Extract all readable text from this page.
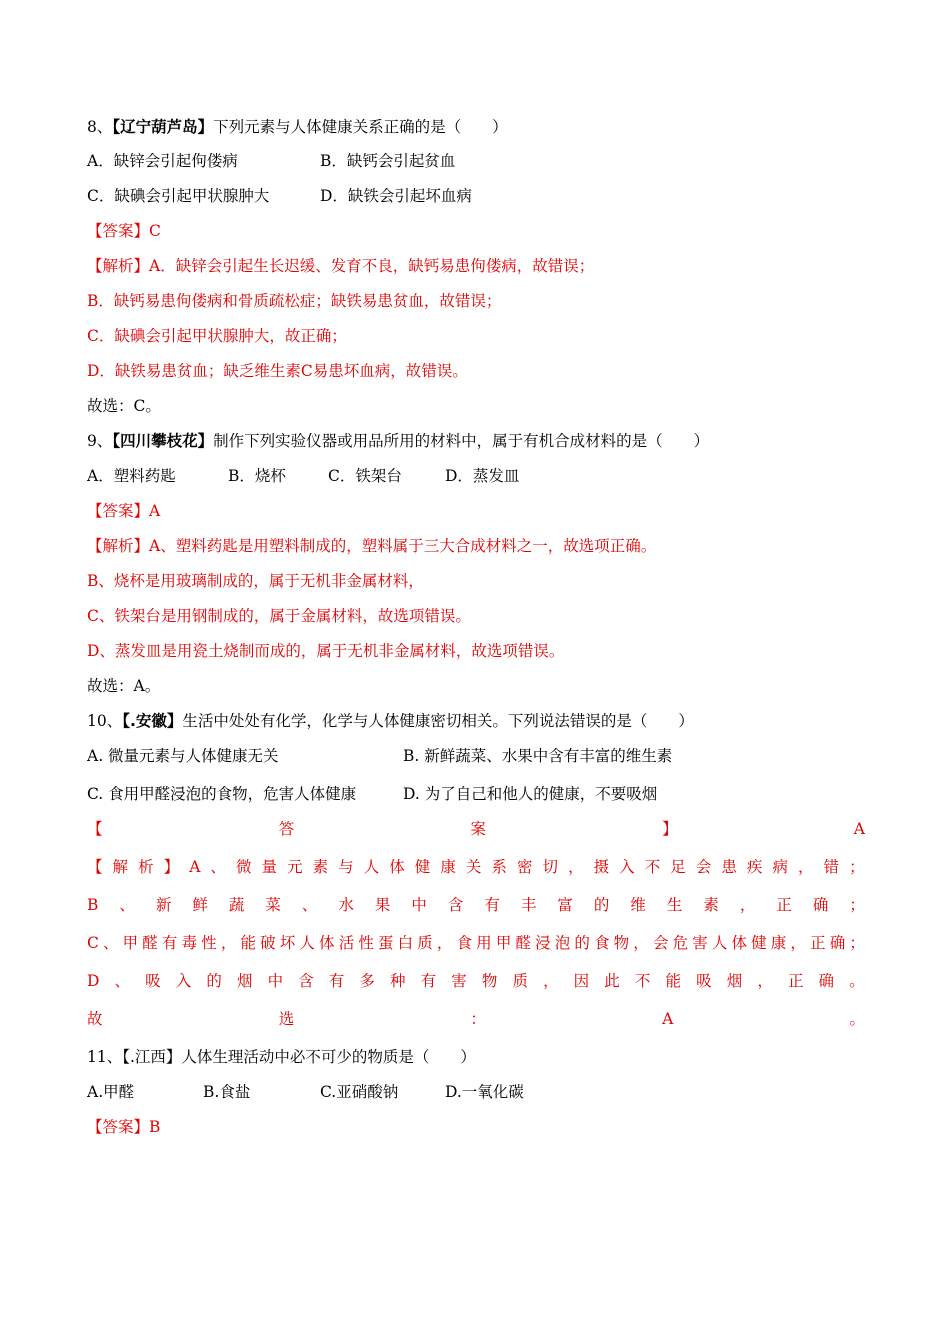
8、【辽宁葫芦岛】下列元素与人体健康关系正确的是（　　）
A．缺锌会引起佝偻病	B．缺钙会引起贫血
C．缺碘会引起甲状腺肿大	D．缺铁会引起坏血病
【答案】C
【解析】A．缺锌会引起生长迟缓、发育不良，缺钙易患佝偻病，故错误；
B．缺钙易患佝偻病和骨质疏松症；缺铁易患贫血，故错误；
C．缺碘会引起甲状腺肿大，故正确；
D．缺铁易患贫血；缺乏维生素C易患坏血病，故错误。
故选：C。
9、【四川攀枝花】制作下列实验仪器或用品所用的材料中，属于有机合成材料的是（　　）
A．塑料药匙	B．烧杯	C．铁架台	D．蒸发皿
【答案】A
【解析】A、塑料药匙是用塑料制成的，塑料属于三大合成材料之一，故选项正确。
B、烧杯是用玻璃制成的，属于无机非金属材料，
C、铁架台是用钢制成的，属于金属材料，故选项错误。
D、蒸发皿是用瓷土烧制而成的，属于无机非金属材料，故选项错误。
故选：A。
10、【.安徽】生活中处处有化学，化学与人体健康密切相关。下列说法错误的是（　　）
A. 微量元素与人体健康无关	B. 新鲜蔬菜、水果中含有丰富的维生素
C. 食用甲醛浸泡的食物，危害人体健康	D. 为了自己和他人的健康，不要吸烟
【	答	案	】	A
【 解 析 】 A 、 微 量 元 素 与 人 体 健 康 关 系 密 切 ， 摄 入 不 足 会 患 疾 病 ， 错 ；
B 、 新 鲜 蔬 菜 、 水 果 中 含 有 丰 富 的 维 生 素 ， 正 确 ；
C 、 甲 醛 有 毒 性 ， 能 破 坏 人 体 活 性 蛋 白 质 ， 食 用 甲 醛 浸 泡 的 食 物 ， 会 危 害 人 体 健 康 ， 正 确 ；
D 、 吸 入 的 烟 中 含 有 多 种 有 害 物 质 ， 因 此 不 能 吸 烟 ， 正 确 。
故	选	：	A	。
11、【.江西】人体生理活动中必不可少的物质是（　　）
A.甲醛	B.食盐	C.亚硝酸钠	D.一氧化碳
【答案】B
